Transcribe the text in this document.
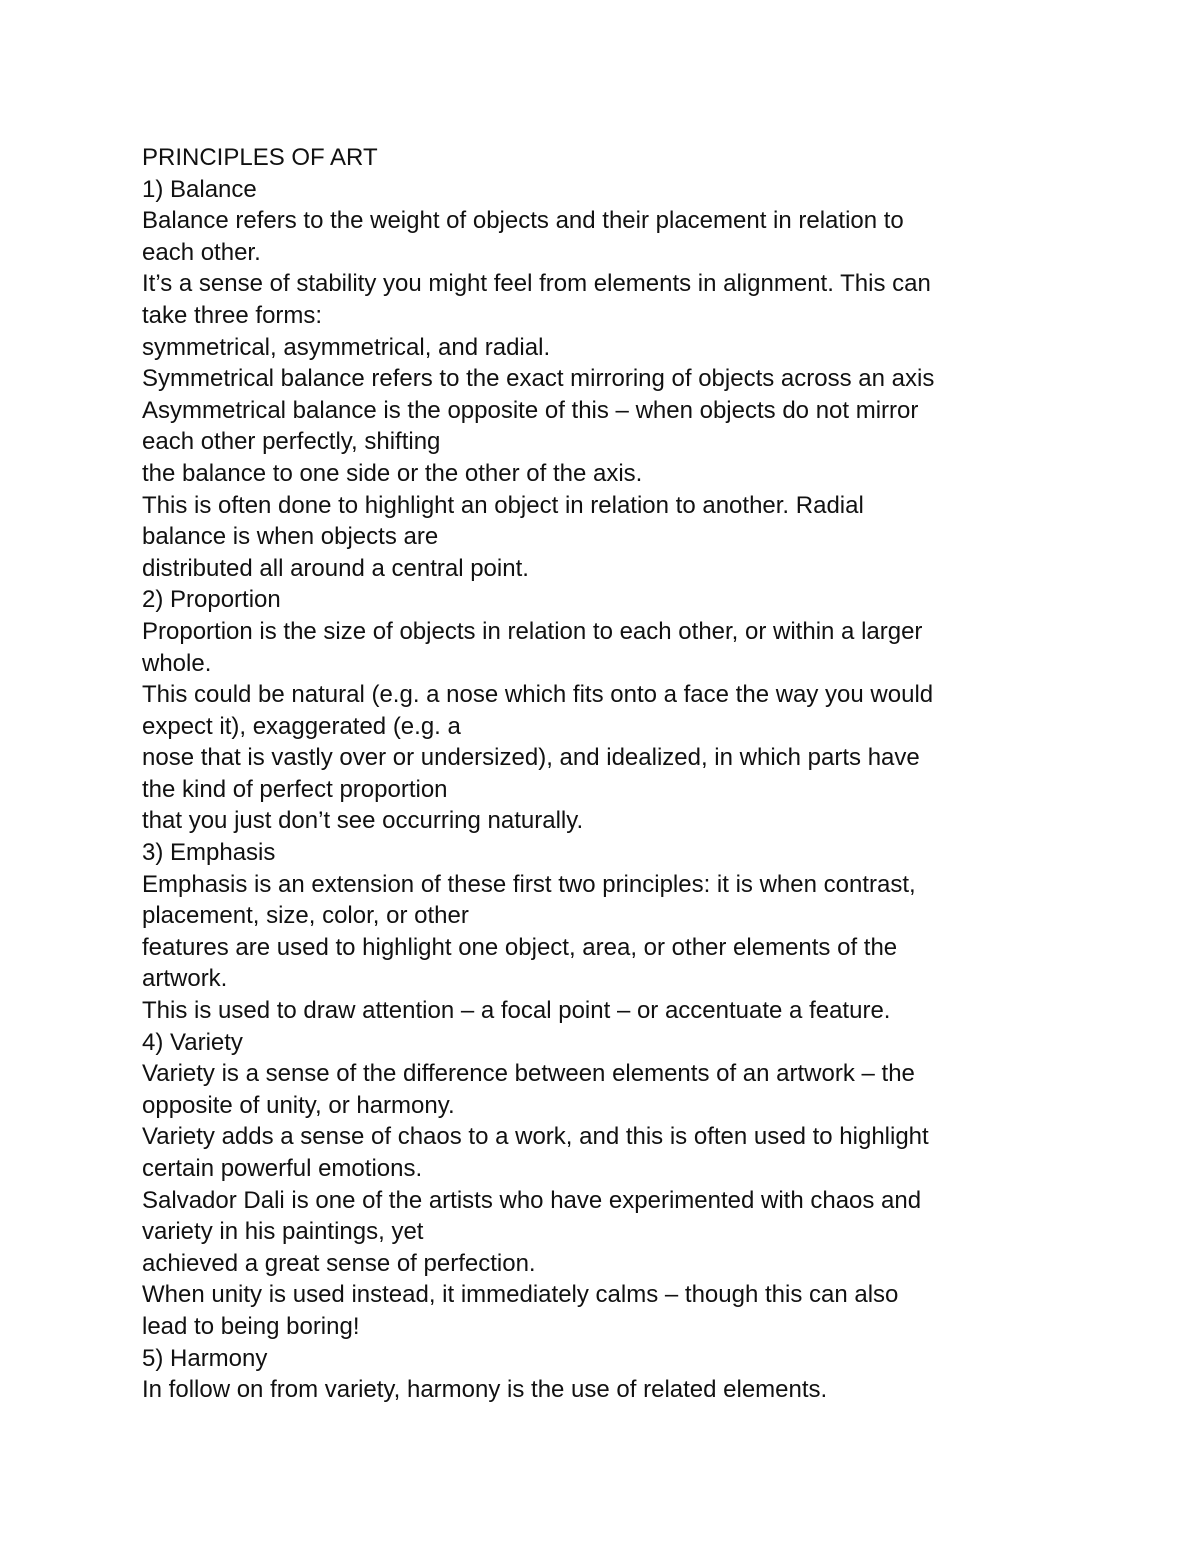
PRINCIPLES OF ART
1) Balance
Balance refers to the weight of objects and their placement in relation to
each other.
It’s a sense of stability you might feel from elements in alignment. This can
take three forms:
symmetrical, asymmetrical, and radial.
Symmetrical balance refers to the exact mirroring of objects across an axis
Asymmetrical balance is the opposite of this – when objects do not mirror
each other perfectly, shifting
the balance to one side or the other of the axis.
This is often done to highlight an object in relation to another. Radial
balance is when objects are
distributed all around a central point.
2) Proportion
Proportion is the size of objects in relation to each other, or within a larger
whole.
This could be natural (e.g. a nose which fits onto a face the way you would
expect it), exaggerated (e.g. a
nose that is vastly over or undersized), and idealized, in which parts have
the kind of perfect proportion
that you just don’t see occurring naturally.
3) Emphasis
Emphasis is an extension of these first two principles: it is when contrast,
placement, size, color, or other
features are used to highlight one object, area, or other elements of the
artwork.
This is used to draw attention – a focal point – or accentuate a feature.
4) Variety
Variety is a sense of the difference between elements of an artwork – the
opposite of unity, or harmony.
Variety adds a sense of chaos to a work, and this is often used to highlight
certain powerful emotions.
Salvador Dali is one of the artists who have experimented with chaos and
variety in his paintings, yet
achieved a great sense of perfection.
When unity is used instead, it immediately calms – though this can also
lead to being boring!
5) Harmony
In follow on from variety, harmony is the use of related elements.
